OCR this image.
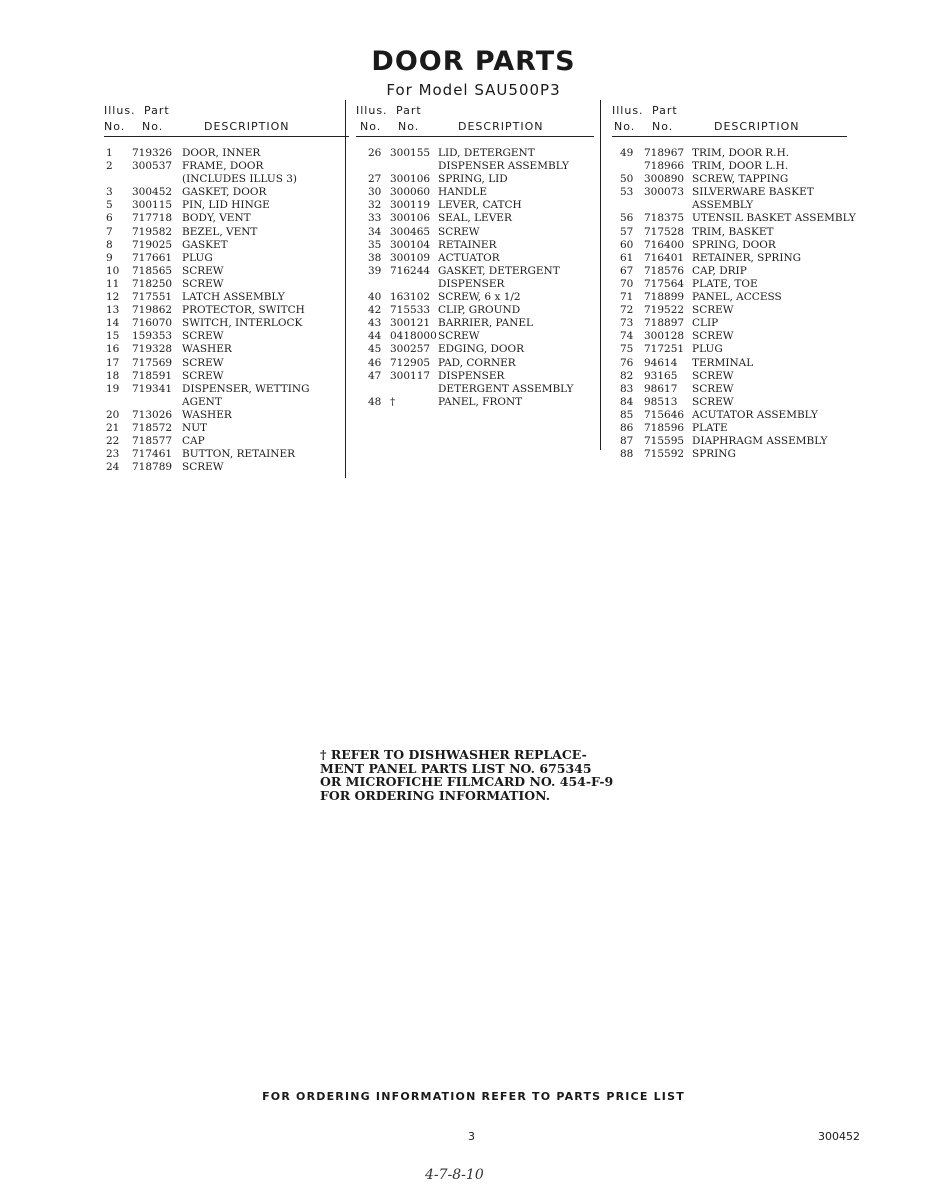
DOOR PARTS
For Model SAU500P3
Illus. Part
No. No.	DESCRIPTION
1 719326 DOOR, INNER
2 300537 FRAME, DOOR
(INCLUDES ILLUS 3)
3 300452 GASKET, DOOR
5 300115 PIN, LID HINGE
6 717718 BODY, VENT
7 719582 BEZEL, VENT
8 719025 GASKET
9 717661 PLUG
10 718565 SCREW
11 718250 SCREW
12 717551 LATCH ASSEMBLY
13 719862 PROTECTOR, SWITCH
14 716070 SWITCH, INTERLOCK
15 159353 SCREW
16 719328 WASHER
17 717569 SCREW
18 718591 SCREW
19 719341 DISPENSER, WETTING
AGENT
20 713026 WASHER
21 718572 NUT
22 718577 CAP
23 717461 BUTTON, RETAINER
24 718789 SCREW
Illus. Part
No. No.	DESCRIPTION
26 300155 LID, DETERGENT
DISPENSER ASSEMBLY
27 300106 SPRING, LID
30 300060 HANDLE
32 300119 LEVER, CATCH
33 300106 SEAL, LEVER
34 300465 SCREW
35 300104 RETAINER
38 300109 ACTUATOR
39 716244 GASKET, DETERGENT
DISPENSER
40 163102 SCREW, 6 x 1/2
42 715533 CLIP, GROUND
43 300121 BARRIER, PANEL
44 0418000 SCREW
45 300257 EDGING, DOOR
46 712905 PAD, CORNER
47 300117 DISPENSER
DETERGENT ASSEMBLY
48 †	PANEL, FRONT
Illus. Part
No. No.	DESCRIPTION
49 718967 TRIM, DOOR R.H.
718966 TRIM, DOOR L.H.
50 300890 SCREW, TAPPING
53 300073 SILVERWARE BASKET
ASSEMBLY
56 718375 UTENSIL BASKET ASSEMBLY
57 717528 TRIM, BASKET
60 716400 SPRING, DOOR
61 716401 RETAINER, SPRING
67 718576 CAP, DRIP
70 717564 PLATE, TOE
71 718899 PANEL, ACCESS
72 719522 SCREW
73 718897 CLIP
74 300128 SCREW
75 717251 PLUG
76 94614 TERMINAL
82 93165 SCREW
83 98617 SCREW
84 98513 SCREW
85 715646 ACUTATOR ASSEMBLY
86 718596 PLATE
87 715595 DIAPHRAGM ASSEMBLY
88 715592 SPRING
† REFER TO DISHWASHER REPLACE-
MENT PANEL PARTS LIST NO. 675345
OR MICROFICHE FILMCARD NO. 454-F-9
FOR ORDERING INFORMATION.
FOR ORDERING INFORMATION REFER TO PARTS PRICE LIST
3	300452
4-7-8-10
